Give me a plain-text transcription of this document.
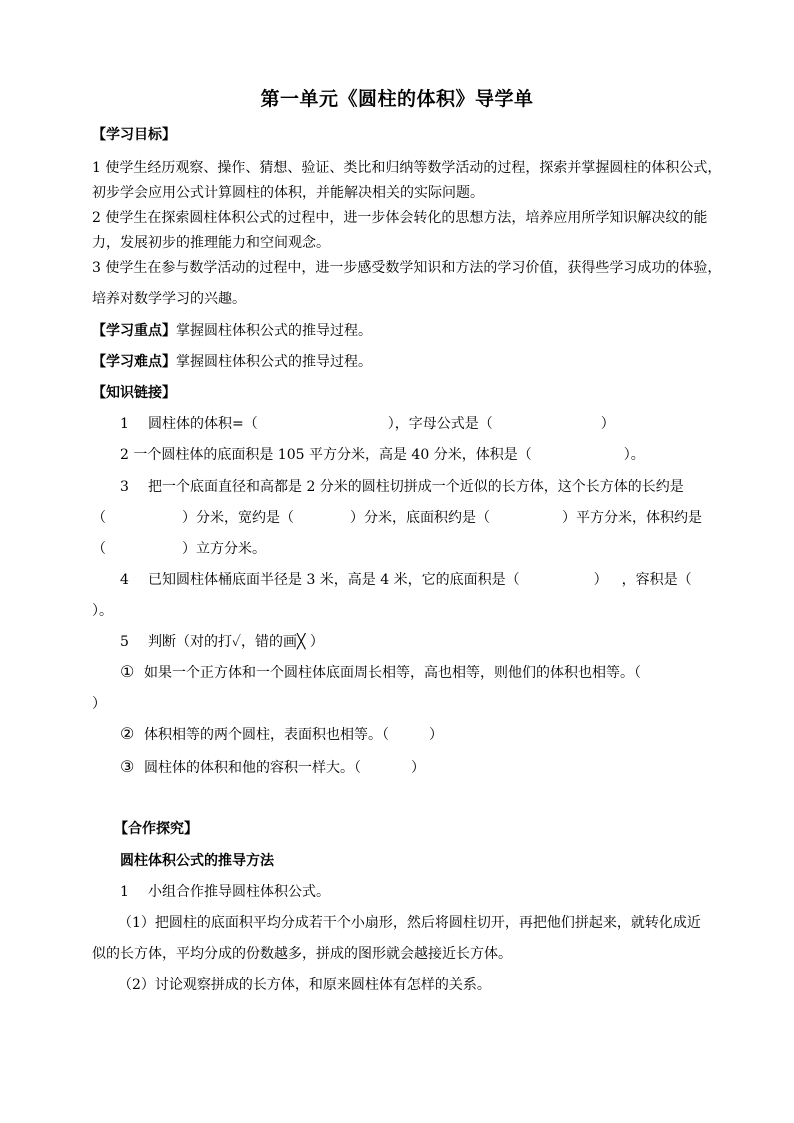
第一单元《圆柱的体积》导学单
【学习目标】
1 使学生经历观察、操作、猜想、验证、类比和归纳等数学活动的过程，探索并掌握圆柱的体积公式，
初步学会应用公式计算圆柱的体积，并能解决相关的实际问题。
2 使学生在探索圆柱体积公式的过程中，进一步体会转化的思想方法，培养应用所学知识解决纹的能
力，发展初步的推理能力和空间观念。
3 使学生在参与数学活动的过程中，进一步感受数学知识和方法的学习价值，获得些学习成功的体验，
培养对数学学习的兴趣。
【学习重点】掌握圆柱体积公式的推导过程。
【学习难点】掌握圆柱体积公式的推导过程。
【知识链接】
1 圆柱体的体积=（	），字母公式是（	）
2 一个圆柱体的底面积是 105 平方分米，高是 40 分米，体积是（	）。
3 把一个底面直径和高都是 2 分米的圆柱切拼成一个近似的长方体，这个长方体的长约是
（	）分米，宽约是（	）分米，底面积约是（	）平方分米，体积约是
（	）立方分米。
4 已知圆柱体桶底面半径是 3 米，高是 4 米，它的底面积是（	） ，容积是（
）。
5 判断（对的打✓，错的画╳ ）
① 如果一个正方体和一个圆柱体底面周长相等，高也相等，则他们的体积也相等。（
）
② 体积相等的两个圆柱，表面积也相等。（	）
③ 圆柱体的体积和他的容积一样大。（	）
【合作探究】
圆柱体积公式的推导方法
1 小组合作推导圆柱体积公式。
（1）把圆柱的底面积平均分成若干个小扇形，然后将圆柱切开，再把他们拼起来，就转化成近
似的长方体，平均分成的份数越多，拼成的图形就会越接近长方体。
（2）讨论观察拼成的长方体，和原来圆柱体有怎样的关系。
